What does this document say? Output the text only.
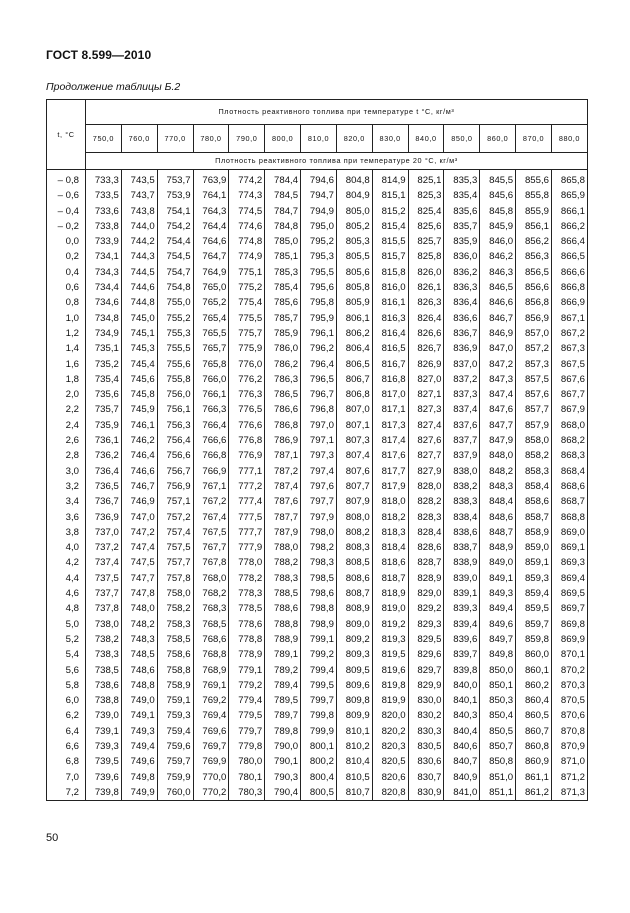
ГОСТ 8.599—2010
Продолжение таблицы Б.2
t, °C	Плотность реактивного топлива при температуре t °C, кг/м³													
	750,0	760,0	770,0	780,0	790,0	800,0	810,0	820,0	830,0	840,0	850,0	860,0	870,0	880,0
	Плотность реактивного топлива при температуре 20 °C, кг/м³													
– 0,8	733,3	743,5	753,7	763,9	774,2	784,4	794,6	804,8	814,9	825,1	835,3	845,5	855,6	865,8
– 0,6	733,5	743,7	753,9	764,1	774,3	784,5	794,7	804,9	815,1	825,3	835,4	845,6	855,8	865,9
– 0,4	733,6	743,8	754,1	764,3	774,5	784,7	794,9	805,0	815,2	825,4	835,6	845,8	855,9	866,1
– 0,2	733,8	744,0	754,2	764,4	774,6	784,8	795,0	805,2	815,4	825,6	835,7	845,9	856,1	866,2
0,0	733,9	744,2	754,4	764,6	774,8	785,0	795,2	805,3	815,5	825,7	835,9	846,0	856,2	866,4
0,2	734,1	744,3	754,5	764,7	774,9	785,1	795,3	805,5	815,7	825,8	836,0	846,2	856,3	866,5
0,4	734,3	744,5	754,7	764,9	775,1	785,3	795,5	805,6	815,8	826,0	836,2	846,3	856,5	866,6
0,6	734,4	744,6	754,8	765,0	775,2	785,4	795,6	805,8	816,0	826,1	836,3	846,5	856,6	866,8
0,8	734,6	744,8	755,0	765,2	775,4	785,6	795,8	805,9	816,1	826,3	836,4	846,6	856,8	866,9
1,0	734,8	745,0	755,2	765,4	775,5	785,7	795,9	806,1	816,3	826,4	836,6	846,7	856,9	867,1
1,2	734,9	745,1	755,3	765,5	775,7	785,9	796,1	806,2	816,4	826,6	836,7	846,9	857,0	867,2
1,4	735,1	745,3	755,5	765,7	775,9	786,0	796,2	806,4	816,5	826,7	836,9	847,0	857,2	867,3
1,6	735,2	745,4	755,6	765,8	776,0	786,2	796,4	806,5	816,7	826,9	837,0	847,2	857,3	867,5
1,8	735,4	745,6	755,8	766,0	776,2	786,3	796,5	806,7	816,8	827,0	837,2	847,3	857,5	867,6
2,0	735,6	745,8	756,0	766,1	776,3	786,5	796,7	806,8	817,0	827,1	837,3	847,4	857,6	867,7
2,2	735,7	745,9	756,1	766,3	776,5	786,6	796,8	807,0	817,1	827,3	837,4	847,6	857,7	867,9
2,4	735,9	746,1	756,3	766,4	776,6	786,8	797,0	807,1	817,3	827,4	837,6	847,7	857,9	868,0
2,6	736,1	746,2	756,4	766,6	776,8	786,9	797,1	807,3	817,4	827,6	837,7	847,9	858,0	868,2
2,8	736,2	746,4	756,6	766,8	776,9	787,1	797,3	807,4	817,6	827,7	837,9	848,0	858,2	868,3
3,0	736,4	746,6	756,7	766,9	777,1	787,2	797,4	807,6	817,7	827,9	838,0	848,2	858,3	868,4
3,2	736,5	746,7	756,9	767,1	777,2	787,4	797,6	807,7	817,9	828,0	838,2	848,3	858,4	868,6
3,4	736,7	746,9	757,1	767,2	777,4	787,6	797,7	807,9	818,0	828,2	838,3	848,4	858,6	868,7
3,6	736,9	747,0	757,2	767,4	777,5	787,7	797,9	808,0	818,2	828,3	838,4	848,6	858,7	868,8
3,8	737,0	747,2	757,4	767,5	777,7	787,9	798,0	808,2	818,3	828,4	838,6	848,7	858,9	869,0
4,0	737,2	747,4	757,5	767,7	777,9	788,0	798,2	808,3	818,4	828,6	838,7	848,9	859,0	869,1
4,2	737,4	747,5	757,7	767,8	778,0	788,2	798,3	808,5	818,6	828,7	838,9	849,0	859,1	869,3
4,4	737,5	747,7	757,8	768,0	778,2	788,3	798,5	808,6	818,7	828,9	839,0	849,1	859,3	869,4
4,6	737,7	747,8	758,0	768,2	778,3	788,5	798,6	808,7	818,9	829,0	839,1	849,3	859,4	869,5
4,8	737,8	748,0	758,2	768,3	778,5	788,6	798,8	808,9	819,0	829,2	839,3	849,4	859,5	869,7
5,0	738,0	748,2	758,3	768,5	778,6	788,8	798,9	809,0	819,2	829,3	839,4	849,6	859,7	869,8
5,2	738,2	748,3	758,5	768,6	778,8	788,9	799,1	809,2	819,3	829,5	839,6	849,7	859,8	869,9
5,4	738,3	748,5	758,6	768,8	778,9	789,1	799,2	809,3	819,5	829,6	839,7	849,8	860,0	870,1
5,6	738,5	748,6	758,8	768,9	779,1	789,2	799,4	809,5	819,6	829,7	839,8	850,0	860,1	870,2
5,8	738,6	748,8	758,9	769,1	779,2	789,4	799,5	809,6	819,8	829,9	840,0	850,1	860,2	870,3
6,0	738,8	749,0	759,1	769,2	779,4	789,5	799,7	809,8	819,9	830,0	840,1	850,3	860,4	870,5
6,2	739,0	749,1	759,3	769,4	779,5	789,7	799,8	809,9	820,0	830,2	840,3	850,4	860,5	870,6
6,4	739,1	749,3	759,4	769,6	779,7	789,8	799,9	810,1	820,2	830,3	840,4	850,5	860,7	870,8
6,6	739,3	749,4	759,6	769,7	779,8	790,0	800,1	810,2	820,3	830,5	840,6	850,7	860,8	870,9
6,8	739,5	749,6	759,7	769,9	780,0	790,1	800,2	810,4	820,5	830,6	840,7	850,8	860,9	871,0
7,0	739,6	749,8	759,9	770,0	780,1	790,3	800,4	810,5	820,6	830,7	840,9	851,0	861,1	871,2
7,2	739,8	749,9	760,0	770,2	780,3	790,4	800,5	810,7	820,8	830,9	841,0	851,1	861,2	871,3
50
